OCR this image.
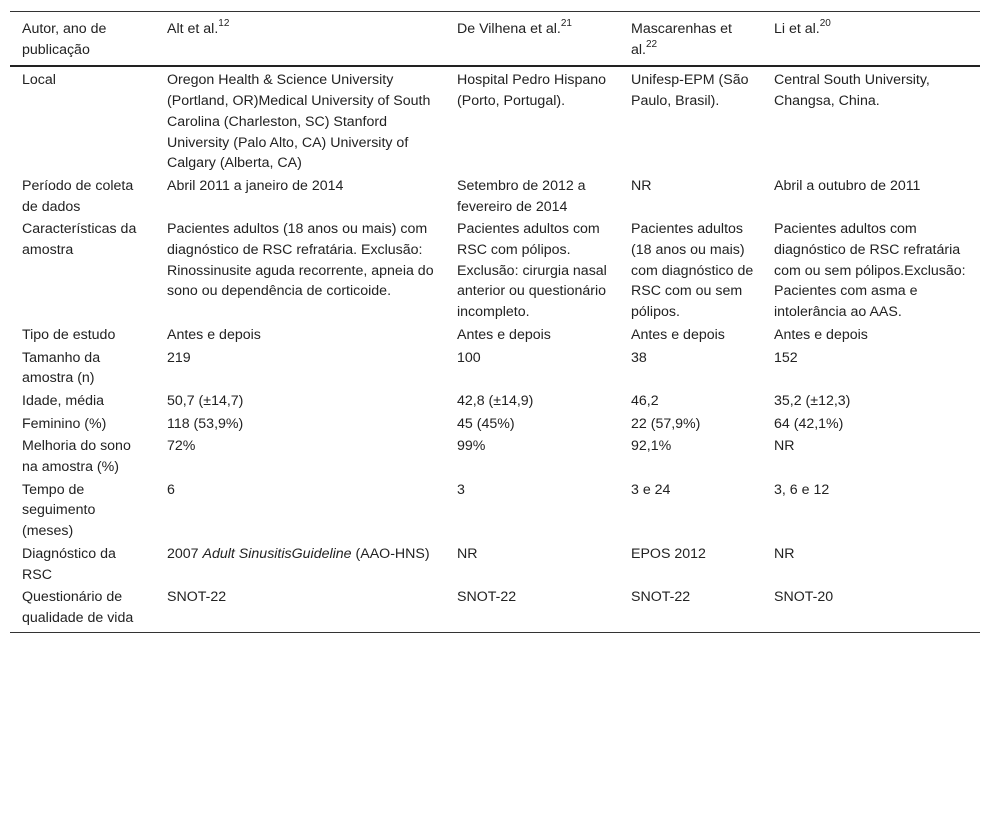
Autor, ano de publicação	Alt et al.$^{12}$	De Vilhena et al.$^{21}$	Mascarenhas et al.$^{22}$	Li et al.$^{20}$
Local	Oregon Health & Science University (Portland, OR)Medical University of South Carolina (Charleston, SC) Stanford University (Palo Alto, CA) University of Calgary (Alberta, CA)	Hospital Pedro Hispano (Porto, Portugal).	Unifesp-EPM (São Paulo, Brasil).	Central South University, Changsa, China.
Período de coleta de dados	Abril 2011 a janeiro de 2014	Setembro de 2012 a fevereiro de 2014	NR	Abril a outubro de 2011
Características da amostra	Pacientes adultos (18 anos ou mais) com diagnóstico de RSC refratária. Exclusão: Rinossinusite aguda recorrente, apneia do sono ou dependência de corticoide.	Pacientes adultos com RSC com pólipos. Exclusão: cirurgia nasal anterior ou questionário incompleto.	Pacientes adultos (18 anos ou mais) com diagnóstico de RSC com ou sem pólipos.	Pacientes adultos com diagnóstico de RSC refratária com ou sem pólipos.Exclusão: Pacientes com asma e intolerância ao AAS.
Tipo de estudo	Antes e depois	Antes e depois	Antes e depois	Antes e depois
Tamanho da amostra (n)	219	100	38	152
Idade, média	50,7 (±14,7)	42,8 (±14,9)	46,2	35,2 (±12,3)
Feminino (%)	118 (53,9%)	45 (45%)	22 (57,9%)	64 (42,1%)
Melhoria do sono na amostra (%)	72%	99%	92,1%	NR
Tempo de seguimento (meses)	6	3	3 e 24	3, 6 e 12
Diagnóstico da RSC	2007 Adult SinusitisGuideline (AAO-HNS)	NR	EPOS 2012	NR
Questionário de qualidade de vida	SNOT-22	SNOT-22	SNOT-22	SNOT-20
